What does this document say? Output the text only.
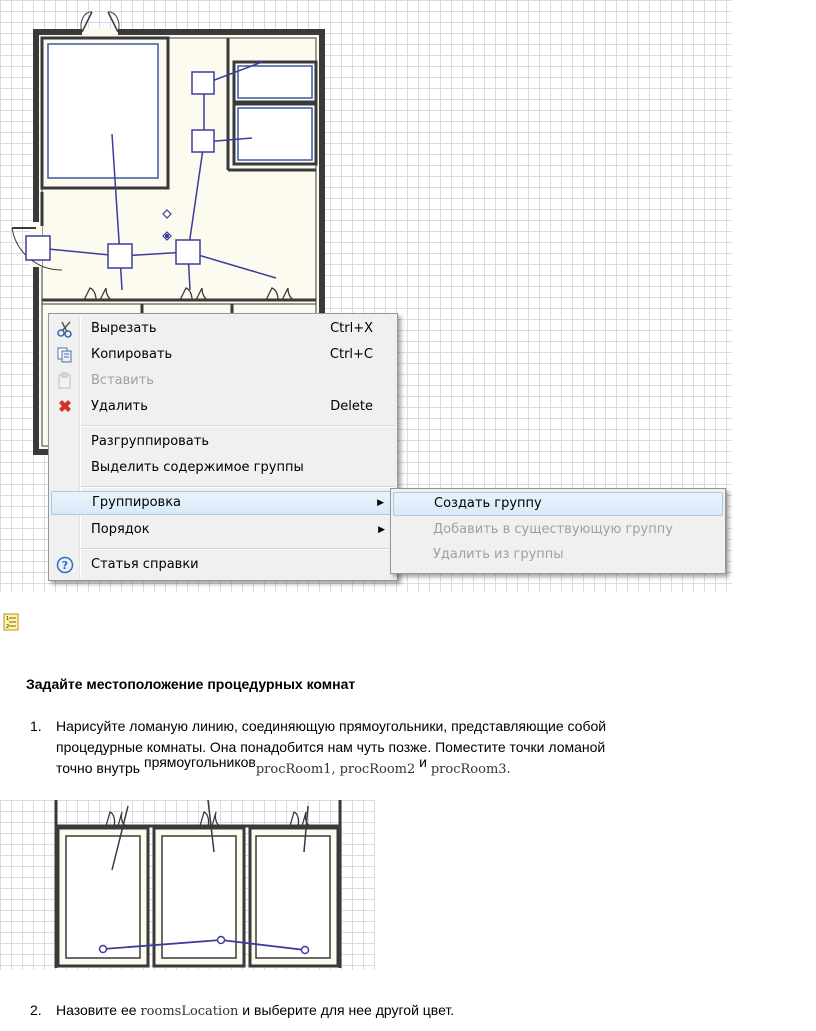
Вырезать	Ctrl+X
Копировать	Ctrl+C
Вставить
Удалить	Delete
Разгруппировать
Выделить содержимое группы
Группировка	▶
Порядок	▶
? Статья справки
Создать группу
Добавить в существующую группу
Удалить из группы
1
2
Задайте местоположение процедурных комнат
1. Нарисуйте ломаную линию, соединяющую прямоугольники, представляющие собой
процедурные комнаты. Она понадобится нам чуть позже. Поместите точки ломаной
точно внутрь прямоугольниковprocRoom1, procRoom2 и procRoom3.
2. Назовите ее roomsLocation и выберите для нее другой цвет.
